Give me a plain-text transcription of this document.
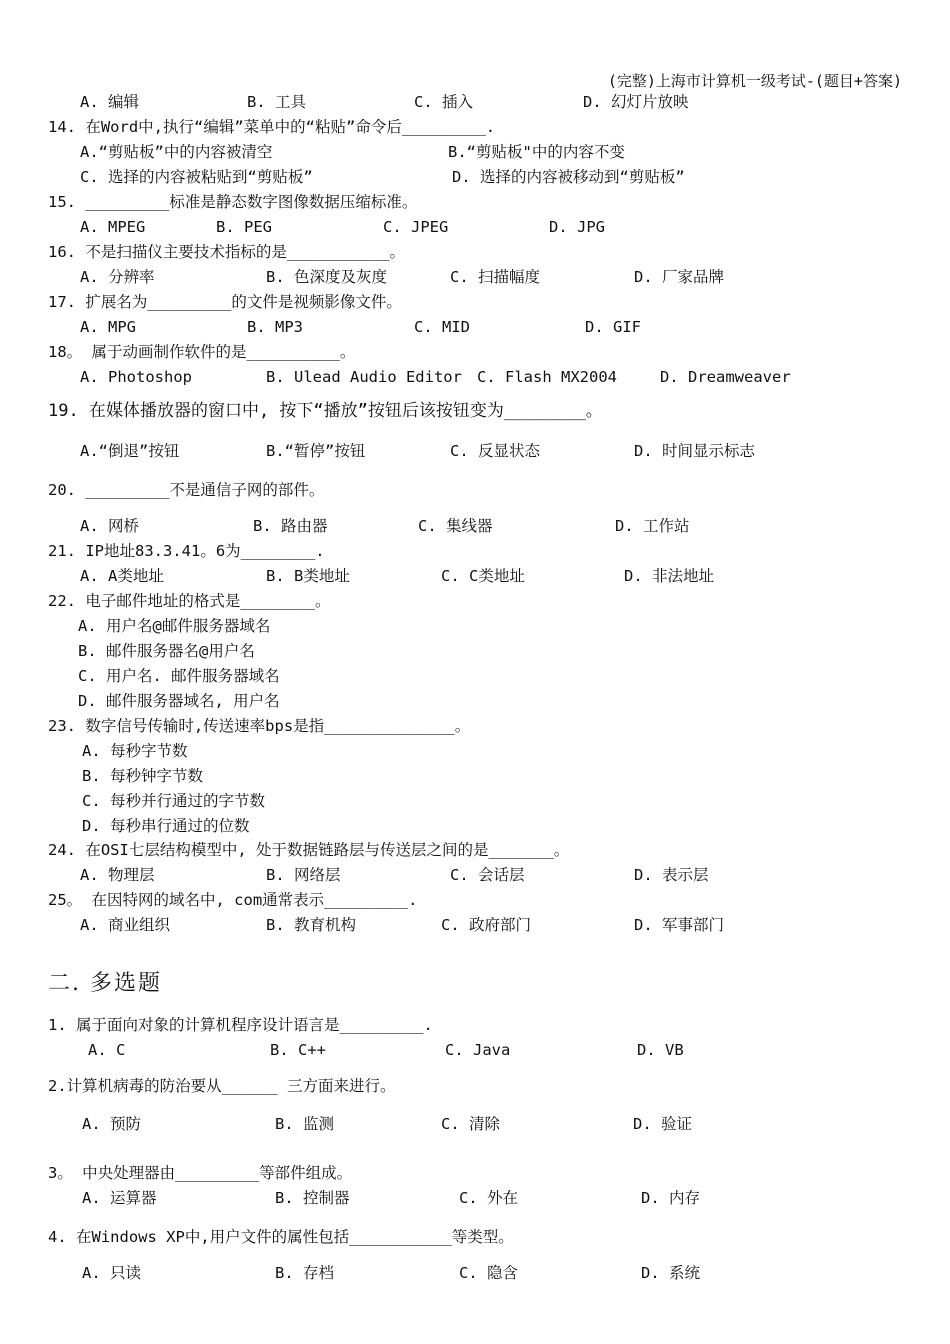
(完整)上海市计算机一级考试-(题目+答案)
A. 编辑	B. 工具	C. 插入	D. 幻灯片放映
14. 在Word中,执行“编辑”菜单中的“粘贴”命令后_________.
A.“剪贴板”中的内容被清空	B.“剪贴板"中的内容不变
C. 选择的内容被粘贴到“剪贴板”	D. 选择的内容被移动到“剪贴板”
15. _________标准是静态数字图像数据压缩标准。
A. MPEG	B. PEG	C. JPEG	D. JPG
16. 不是扫描仪主要技术指标的是___________。
A. 分辨率	B. 色深度及灰度	C. 扫描幅度	D. 厂家品牌
17. 扩展名为_________的文件是视频影像文件。
A. MPG	B. MP3	C. MID	D. GIF
18。 属于动画制作软件的是__________。
A. Photoshop	B. Ulead Audio Editor C. Flash MX2004	D. Dreamweaver
19. 在媒体播放器的窗口中, 按下“播放”按钮后该按钮变为________。
A.“倒退”按钮	B.“暂停”按钮	C. 反显状态	D. 时间显示标志
20. _________不是通信子网的部件。
A. 网桥	B. 路由器	C. 集线器	D. 工作站
21. IP地址83.3.41。6为________.
A. A类地址	B. B类地址	C. C类地址	D. 非法地址
22. 电子邮件地址的格式是________。
A. 用户名@邮件服务器域名
B. 邮件服务器名@用户名
C. 用户名. 邮件服务器域名
D. 邮件服务器域名, 用户名
23. 数字信号传输时,传送速率bps是指______________。
A. 每秒字节数
B. 每秒钟字节数
C. 每秒并行通过的字节数
D. 每秒串行通过的位数
24. 在OSI七层结构模型中, 处于数据链路层与传送层之间的是_______。
A. 物理层	B. 网络层	C. 会话层	D. 表示层
25。 在因特网的域名中, com通常表示_________.
A. 商业组织	B. 教育机构	C. 政府部门	D. 军事部门
二. 多选题
1. 属于面向对象的计算机程序设计语言是_________.
A. C	B. C++	C. Java	D. VB
2.计算机病毒的防治要从______ 三方面来进行。
A. 预防	B. 监测	C. 清除	D. 验证
3。 中央处理器由_________等部件组成。
A. 运算器	B. 控制器	C. 外在	D. 内存
4. 在Windows XP中,用户文件的属性包括___________等类型。
A. 只读	B. 存档	C. 隐含	D. 系统
